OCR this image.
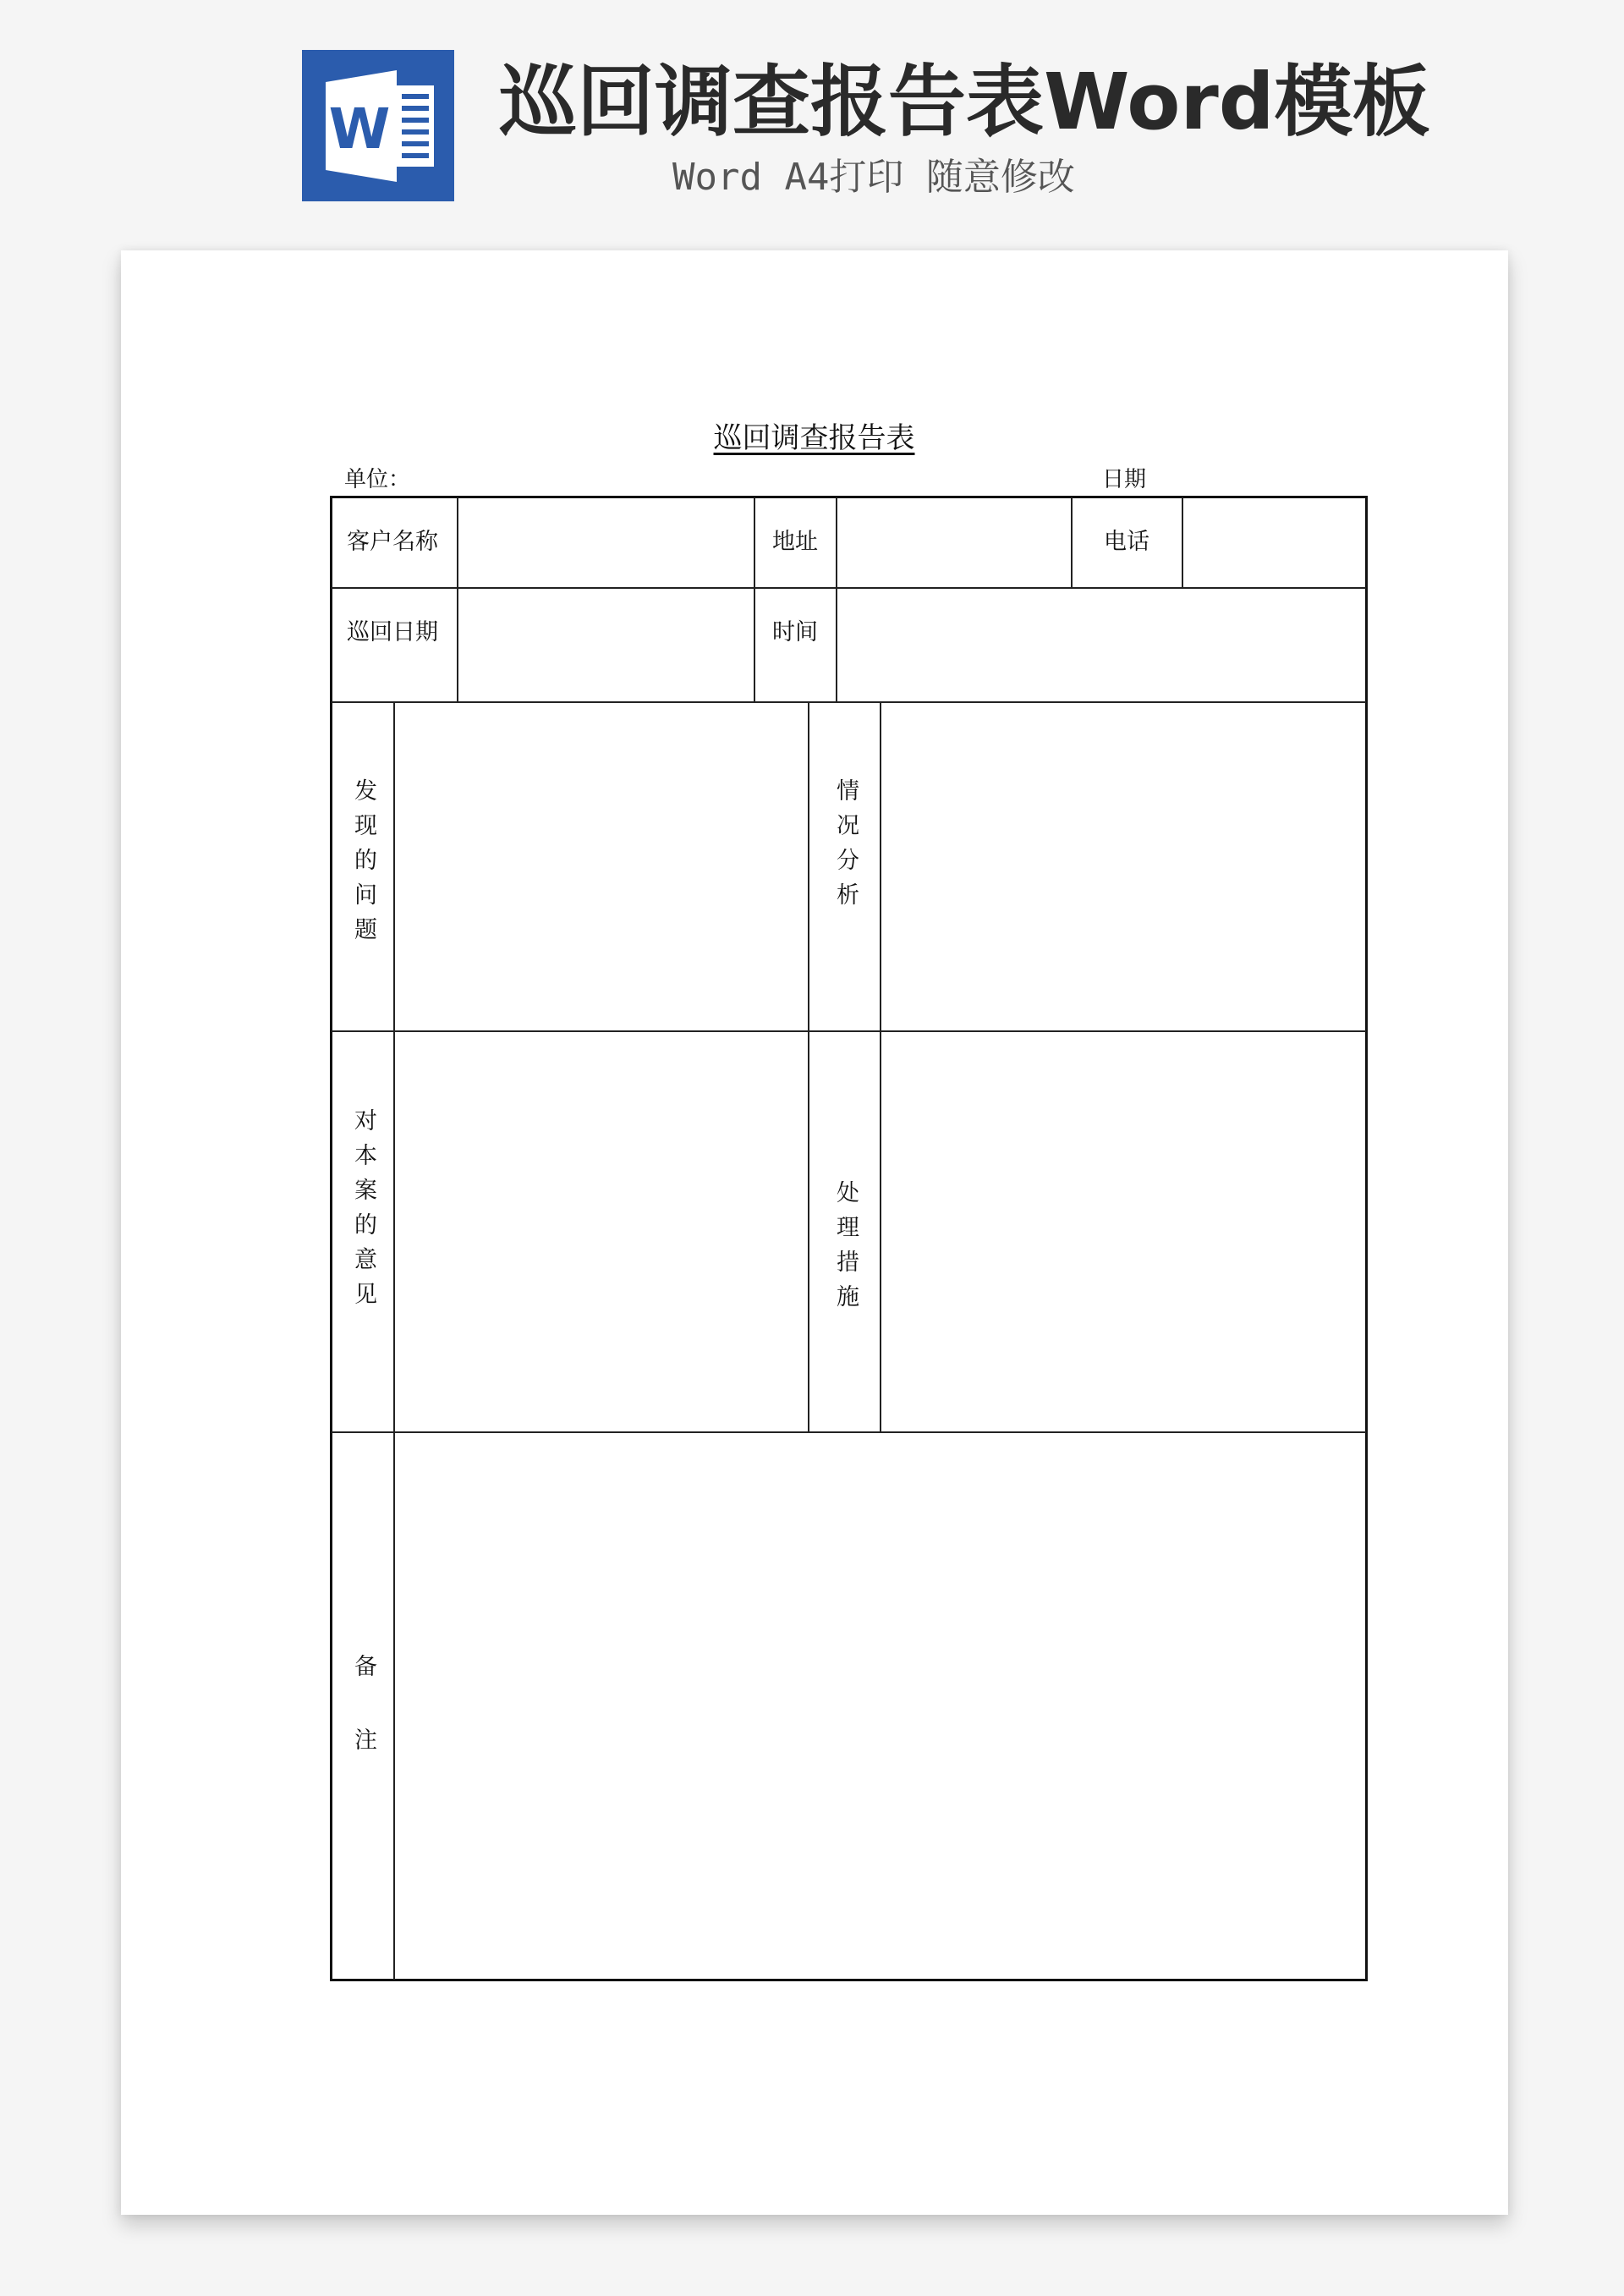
W 巡回调查报告表Word模板
Word A4打印 随意修改
巡回调查报告表
单位：	日期
客户名称	地址	电话
巡回日期	时间
发现的问题	情况分析
对本案的意见	处理措施
备注
